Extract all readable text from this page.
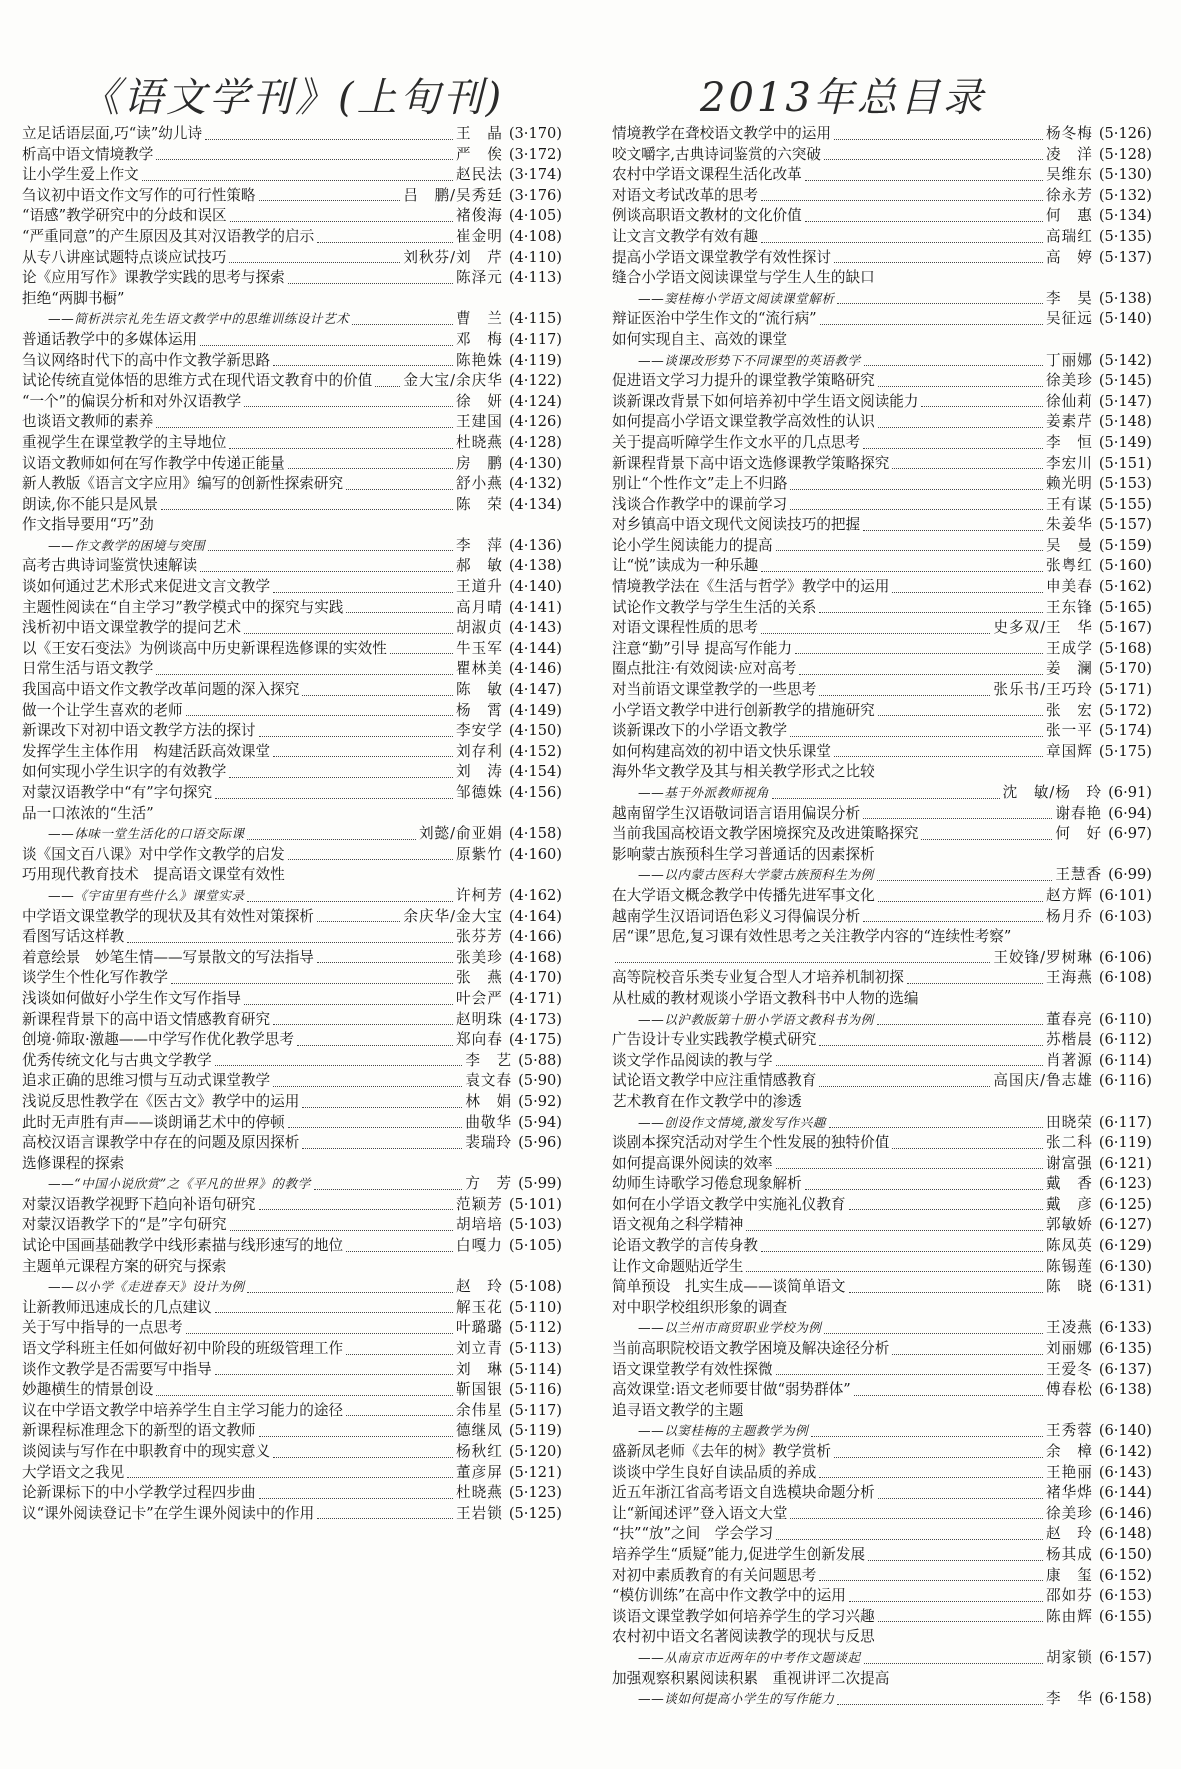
《语文学刊》(上旬刊)	2013年总目录
立足话语层面,巧“读”幼儿诗	王　晶 (3·170)
析高中语文情境教学	严　俟 (3·172)
让小学生爱上作文	赵民法 (3·174)
刍议初中语文作文写作的可行性策略	吕　鹏/吴秀廷 (3·176)
“语感”教学研究中的分歧和误区	褚俊海 (4·105)
“严重同意”的产生原因及其对汉语教学的启示	崔金明 (4·108)
从专八讲座试题特点谈应试技巧	刘秋芬/刘　芹 (4·110)
论《应用写作》课教学实践的思考与探索	陈泽元 (4·113)
拒绝“两脚书橱”
——简析洪宗礼先生语文教学中的思维训练设计艺术	曹　兰 (4·115)
普通话教学中的多媒体运用	邓　梅 (4·117)
刍议网络时代下的高中作文教学新思路	陈艳姝 (4·119)
试论传统直觉体悟的思维方式在现代语文教育中的价值 金大宝/余庆华 (4·122)
“一个”的偏误分析和对外汉语教学	徐　妍 (4·124)
也谈语文教师的素养	王建国 (4·126)
重视学生在课堂教学的主导地位	杜晓燕 (4·128)
议语文教师如何在写作教学中传递正能量	房　鹏 (4·130)
新人教版《语言文字应用》编写的创新性探索研究	舒小燕 (4·132)
朗读,你不能只是风景	陈　荣 (4·134)
作文指导要用“巧”劲
——作文教学的困境与突围	李　萍 (4·136)
高考古典诗词鉴赏快速解读	郝　敏 (4·138)
谈如何通过艺术形式来促进文言文教学	王道升 (4·140)
主题性阅读在“自主学习”教学模式中的探究与实践	高月晴 (4·141)
浅析初中语文课堂教学的提问艺术	胡淑贞 (4·143)
以《王安石变法》为例谈高中历史新课程选修课的实效性	牛玉军 (4·144)
日常生活与语文教学	瞿林美 (4·146)
我国高中语文作文教学改革问题的深入探究	陈　敏 (4·147)
做一个让学生喜欢的老师	杨　霄 (4·149)
新课改下对初中语文教学方法的探讨	李安学 (4·150)
发挥学生主体作用　构建活跃高效课堂	刘存利 (4·152)
如何实现小学生识字的有效教学	刘　涛 (4·154)
对蒙汉语教学中“有”字句探究	邹德姝 (4·156)
品一口浓浓的“生活”
——体味一堂生活化的口语交际课	刘懿/俞亚娟 (4·158)
谈《国文百八课》对中学作文教学的启发	原紫竹 (4·160)
巧用现代教育技术　提高语文课堂有效性
——《宇宙里有些什么》课堂实录	许柯芳 (4·162)
中学语文课堂教学的现状及其有效性对策探析	余庆华/金大宝 (4·164)
看图写话这样教	张芬芳 (4·166)
着意绘景　妙笔生情——写景散文的写法指导	张美珍 (4·168)
谈学生个性化写作教学	张　燕 (4·170)
浅谈如何做好小学生作文写作指导	叶会严 (4·171)
新课程背景下的高中语文情感教育研究	赵明珠 (4·173)
创境·筛取·激趣——中学写作优化教学思考	郑向春 (4·175)
优秀传统文化与古典文学教学	李　艺 (5·88)
追求正确的思维习惯与互动式课堂教学	袁文春 (5·90)
浅说反思性教学在《医古文》教学中的运用	林　娟 (5·92)
此时无声胜有声——谈朗诵艺术中的停顿	曲敬华 (5·94)
高校汉语言课教学中存在的问题及原因探析	裴瑞玲 (5·96)
选修课程的探索
——“中国小说欣赏”之《平凡的世界》的教学	方　芳 (5·99)
对蒙汉语教学视野下趋向补语句研究	范颖芳 (5·101)
对蒙汉语教学下的“是”字句研究	胡培培 (5·103)
试论中国画基础教学中线形素描与线形速写的地位	白嘎力 (5·105)
主题单元课程方案的研究与探索
——以小学《走进春天》设计为例	赵　玲 (5·108)
让新教师迅速成长的几点建议	解玉花 (5·110)
关于写中指导的一点思考	叶璐璐 (5·112)
语文学科班主任如何做好初中阶段的班级管理工作	刘立青 (5·113)
谈作文教学是否需要写中指导	刘　琳 (5·114)
妙趣横生的情景创设	靳国银 (5·116)
议在中学语文教学中培养学生自主学习能力的途径	余伟星 (5·117)
新课程标准理念下的新型的语文教师	德继凤 (5·119)
谈阅读与写作在中职教育中的现实意义	杨秋红 (5·120)
大学语文之我见	董彦屏 (5·121)
论新课标下的中小学教学过程四步曲	杜晓燕 (5·123)
议“课外阅读登记卡”在学生课外阅读中的作用	王岩锁 (5·125)
情境教学在聋校语文教学中的运用	杨冬梅 (5·126)
咬文嚼字,古典诗词鉴赏的六突破	凌　洋 (5·128)
农村中学语文课程生活化改革	吴维东 (5·130)
对语文考试改革的思考	徐永芳 (5·132)
例谈高职语文教材的文化价值	何　惠 (5·134)
让文言文教学有效有趣	高瑞红 (5·135)
提高小学语文课堂教学有效性探讨	高　婷 (5·137)
缝合小学语文阅读课堂与学生人生的缺口
——窦桂梅小学语文阅读课堂解析	李　昊 (5·138)
辩证医治中学生作文的“流行病”	吴征远 (5·140)
如何实现自主、高效的课堂
——谈课改形势下不同课型的英语教学	丁丽娜 (5·142)
促进语文学习力提升的课堂教学策略研究	徐美珍 (5·145)
谈新课改背景下如何培养初中学生语文阅读能力	徐仙莉 (5·147)
如何提高小学语文课堂教学高效性的认识	姜素芹 (5·148)
关于提高听障学生作文水平的几点思考	李　恒 (5·149)
新课程背景下高中语文选修课教学策略探究	李宏川 (5·151)
别让“个性作文”走上不归路	赖光明 (5·153)
浅谈合作教学中的课前学习	王有谋 (5·155)
对乡镇高中语文现代文阅读技巧的把握	朱姜华 (5·157)
论小学生阅读能力的提高	吴　曼 (5·159)
让“悦”读成为一种乐趣	张粤红 (5·160)
情境教学法在《生活与哲学》教学中的运用	申美春 (5·162)
试论作文教学与学生生活的关系	王东锋 (5·165)
对语文课程性质的思考	史多双/王　华 (5·167)
注意“勤”引导 提高写作能力	王成学 (5·168)
圈点批注·有效阅读·应对高考	姜　澜 (5·170)
对当前语文课堂教学的一些思考	张乐书/王巧玲 (5·171)
小学语文教学中进行创新教学的措施研究	张　宏 (5·172)
谈新课改下的小学语文教学	张一平 (5·174)
如何构建高效的初中语文快乐课堂	章国辉 (5·175)
海外华文教学及其与相关教学形式之比较
——基于外派教师视角	沈　敏/杨　玲 (6·91)
越南留学生汉语敬词语言语用偏误分析	谢春艳 (6·94)
当前我国高校语文教学困境探究及改进策略探究	何　好 (6·97)
影响蒙古族预科生学习普通话的因素探析
——以内蒙古医科大学蒙古族预科生为例	王慧香 (6·99)
在大学语文概念教学中传播先进军事文化	赵方辉 (6·101)
越南学生汉语词语色彩义习得偏误分析	杨月乔 (6·103)
居“课”思危,复习课有效性思考之关注教学内容的“连续性考察”
王姣锋/罗树琳 (6·106)
高等院校音乐类专业复合型人才培养机制初探	王海燕 (6·108)
从杜威的教材观谈小学语文教科书中人物的选编
——以沪教版第十册小学语文教科书为例	董春亮 (6·110)
广告设计专业实践教学模式研究	苏楷晨 (6·112)
谈文学作品阅读的教与学	肖著源 (6·114)
试论语文教学中应注重情感教育	高国庆/鲁志雄 (6·116)
艺术教育在作文教学中的渗透
——创设作文情境,激发写作兴趣	田晓荣 (6·117)
谈剧本探究活动对学生个性发展的独特价值	张二科 (6·119)
如何提高课外阅读的效率	谢富强 (6·121)
幼师生诗歌学习倦怠现象解析	戴　香 (6·123)
如何在小学语文教学中实施礼仪教育	戴　彦 (6·125)
语文视角之科学精神	郭敏娇 (6·127)
论语文教学的言传身教	陈凤英 (6·129)
让作文命题贴近学生	陈锡莲 (6·130)
简单预设　扎实生成——谈简单语文	陈　晓 (6·131)
对中职学校组织形象的调查
——以兰州市商贸职业学校为例	王凌燕 (6·133)
当前高职院校语文教学困境及解决途径分析	刘丽娜 (6·135)
语文课堂教学有效性探微	王爱冬 (6·137)
高效课堂:语文老师要甘做“弱势群体”	傅春松 (6·138)
追寻语文教学的主题
——以窦桂梅的主题教学为例	王秀蓉 (6·140)
盛新凤老师《去年的树》教学赏析	余　樟 (6·142)
谈谈中学生良好自读品质的养成	王艳丽 (6·143)
近五年浙江省高考语文自选模块命题分析	褚华烨 (6·144)
让“新闻述评”登入语文大堂	徐美珍 (6·146)
“扶”“放”之间　学会学习	赵　玲 (6·148)
培养学生“质疑”能力,促进学生创新发展	杨其成 (6·150)
对初中素质教育的有关问题思考	康　玺 (6·152)
“模仿训练”在高中作文教学中的运用	邵如芬 (6·153)
谈语文课堂教学如何培养学生的学习兴趣	陈由辉 (6·155)
农村初中语文名著阅读教学的现状与反思
——从南京市近两年的中考作文题谈起	胡家锁 (6·157)
加强观察积累阅读积累　重视讲评二次提高
——谈如何提高小学生的写作能力	李　华 (6·158)
